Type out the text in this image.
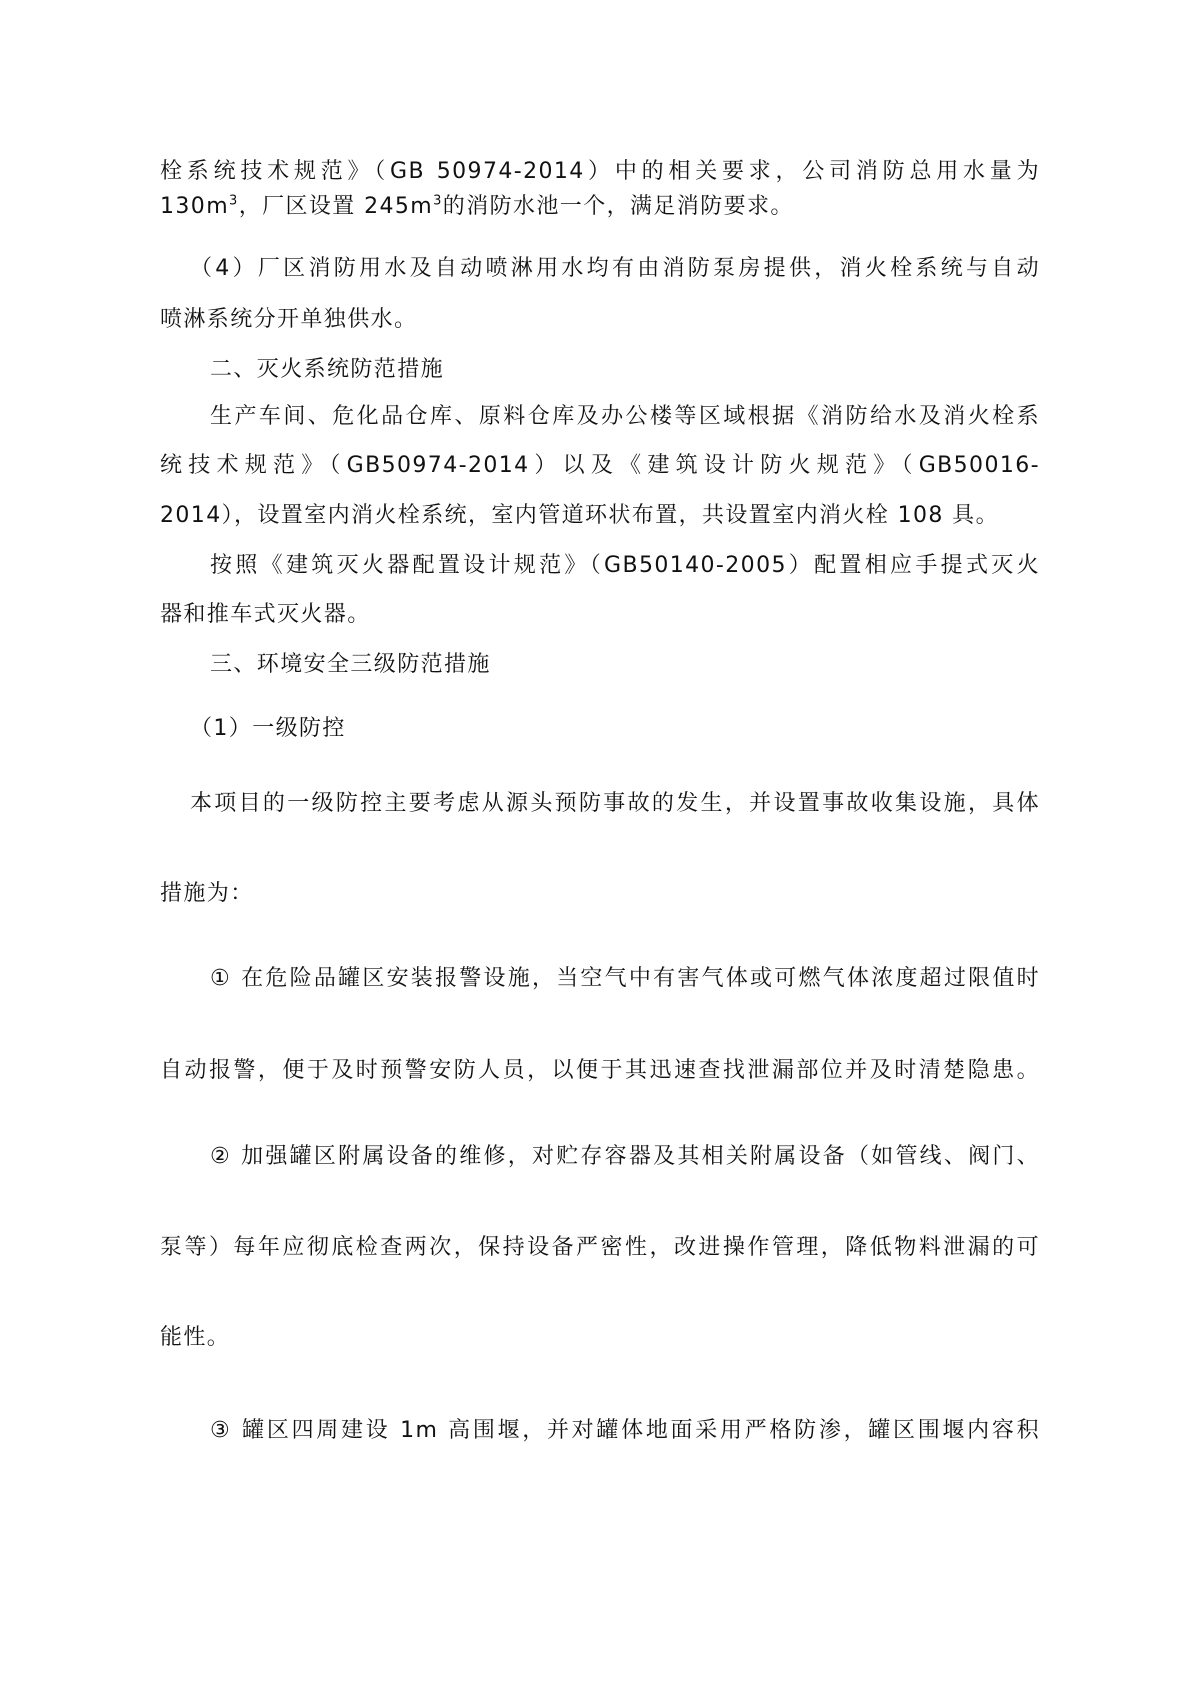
栓系统技术规范》（GB 50974-2014）中的相关要求，公司消防总用水量为
$130m^3$，厂区设置 $245m^3$的消防水池一个，满足消防要求。
（4）厂区消防用水及自动喷淋用水均有由消防泵房提供，消火栓系统与自动
喷淋系统分开单独供水。
二、灭火系统防范措施
生产车间、危化品仓库、原料仓库及办公楼等区域根据《消防给水及消火栓系
统技术规范》（GB50974-2014）以及《建筑设计防火规范》（GB50016-
2014），设置室内消火栓系统，室内管道环状布置，共设置室内消火栓 108 具。
按照《建筑灭火器配置设计规范》（GB50140-2005）配置相应手提式灭火
器和推车式灭火器。
三、环境安全三级防范措施
（1）一级防控
本项目的一级防控主要考虑从源头预防事故的发生，并设置事故收集设施，具体
措施为：
① 在危险品罐区安装报警设施，当空气中有害气体或可燃气体浓度超过限值时
自动报警，便于及时预警安防人员，以便于其迅速查找泄漏部位并及时清楚隐患。
② 加强罐区附属设备的维修，对贮存容器及其相关附属设备（如管线、阀门、
泵等）每年应彻底检查两次，保持设备严密性，改进操作管理，降低物料泄漏的可
能性。
③ 罐区四周建设 1m 高围堰，并对罐体地面采用严格防渗，罐区围堰内容积
